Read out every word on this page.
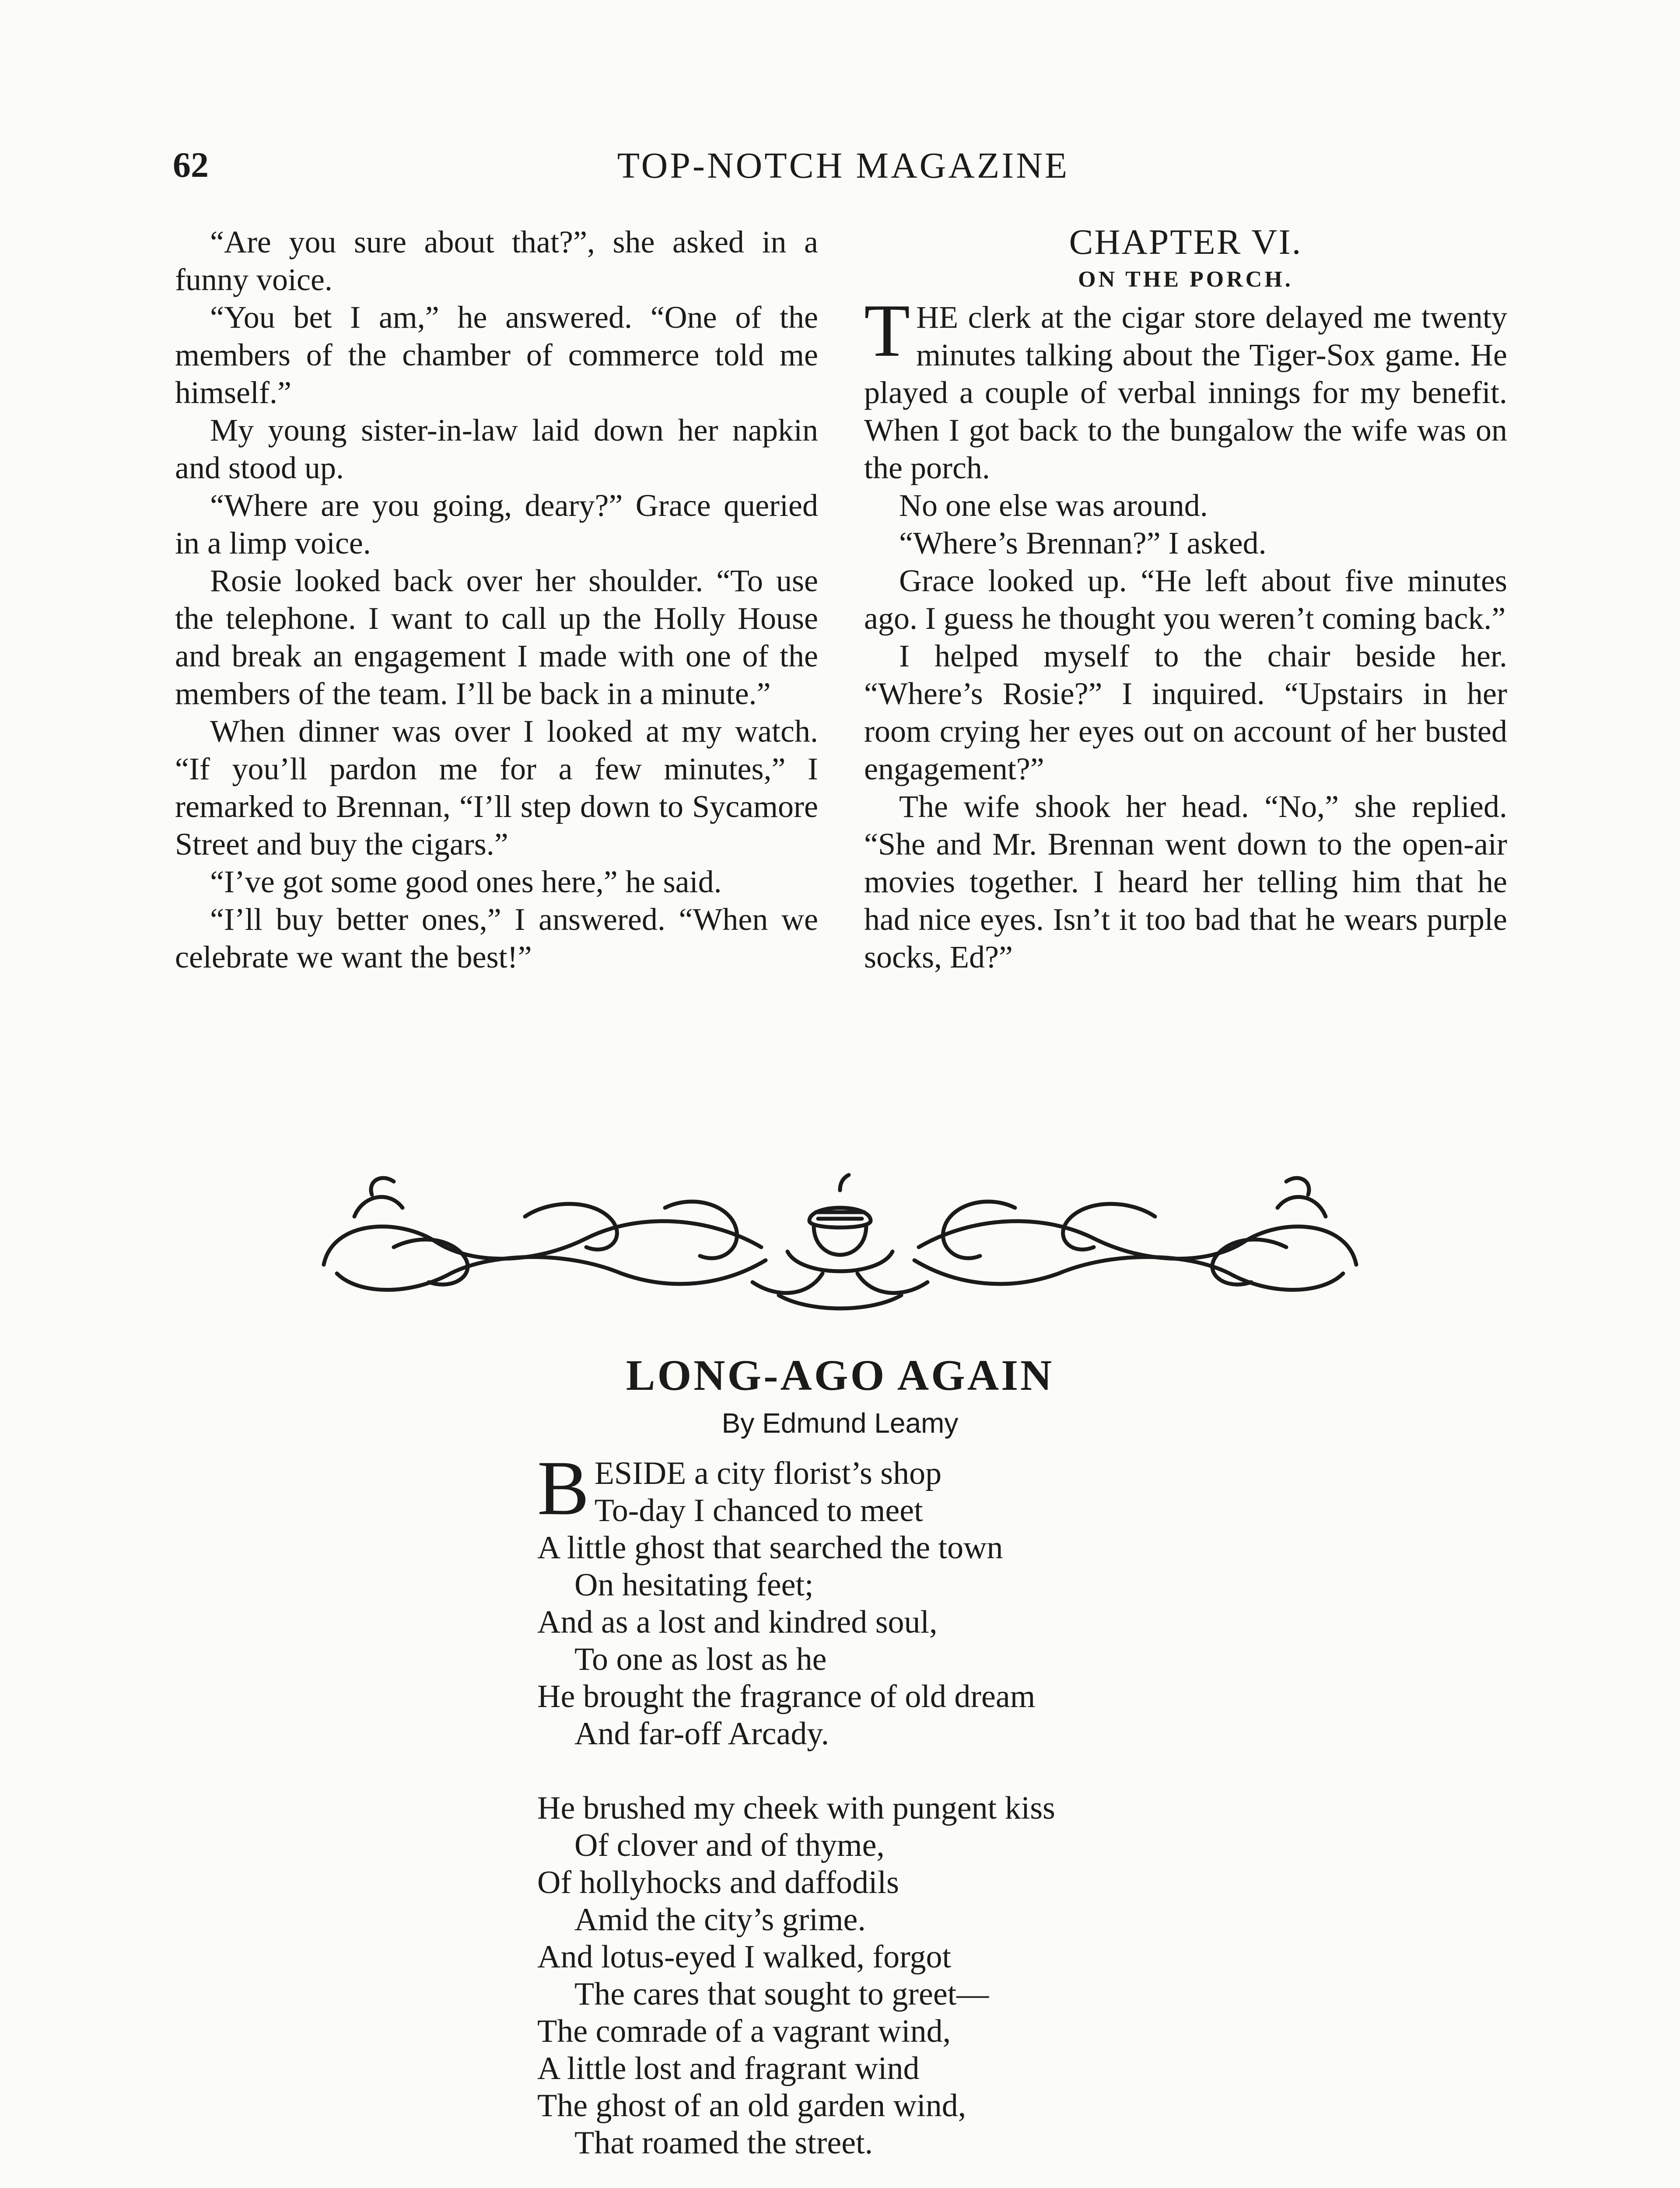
62	TOP-NOTCH MAGAZINE

“Are you sure about that?”, she asked in a funny voice.

“You bet I am,” he answered. “One of the members of the chamber of commerce told me himself.”

My young sister-in-law laid down her napkin and stood up.

“Where are you going, deary?” Grace queried in a limp voice.

Rosie looked back over her shoulder. “To use the telephone. I want to call up the Holly House and break an engagement I made with one of the members of the team. I’ll be back in a minute.”

When dinner was over I looked at my watch. “If you’ll pardon me for a few minutes,” I remarked to Brennan, “I’ll step down to Sycamore Street and buy the cigars.”

“I’ve got some good ones here,” he said.

“I’ll buy better ones,” I answered. “When we celebrate we want the best!”

CHAPTER VI.

ON THE PORCH.

THE clerk at the cigar store delayed me twenty minutes talking about the Tiger-Sox game. He played a couple of verbal innings for my benefit. When I got back to the bungalow the wife was on the porch.

No one else was around.

“Where’s Brennan?” I asked.

Grace looked up. “He left about five minutes ago. I guess he thought you weren’t coming back.”

I helped myself to the chair beside her. “Where’s Rosie?” I inquired. “Upstairs in her room crying her eyes out on account of her busted engagement?”

The wife shook her head. “No,” she replied. “She and Mr. Brennan went down to the open-air movies together. I heard her telling him that he had nice eyes. Isn’t it too bad that he wears purple socks, Ed?”

LONG-AGO AGAIN

By Edmund Leamy

BESIDE a city florist’s shop
To-day I chanced to meet
A little ghost that searched the town
On hesitating feet;
And as a lost and kindred soul,
To one as lost as he
He brought the fragrance of old dream
And far-off Arcady.
He brushed my cheek with pungent kiss
Of clover and of thyme,
Of hollyhocks and daffodils
Amid the city’s grime.
And lotus-eyed I walked, forgot
The cares that sought to greet—
The comrade of a vagrant wind,
A little lost and fragrant wind
The ghost of an old garden wind,
That roamed the street.
